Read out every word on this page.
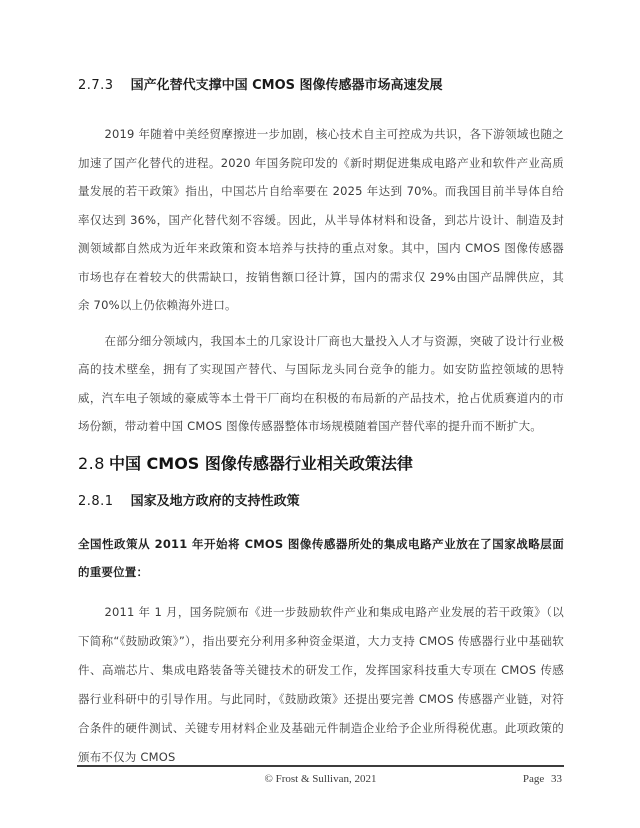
2.7.3 国产化替代支撑中国 CMOS 图像传感器市场高速发展

2019 年随着中美经贸摩擦进一步加剧，核心技术自主可控成为共识，各下游领域也随之加速了国产化替代的进程。2020 年国务院印发的《新时期促进集成电路产业和软件产业高质量发展的若干政策》指出，中国芯片自给率要在 2025 年达到 70%。而我国目前半导体自给率仅达到 36%，国产化替代刻不容缓。因此，从半导体材料和设备，到芯片设计、制造及封测领域都自然成为近年来政策和资本培养与扶持的重点对象。其中，国内 CMOS 图像传感器市场也存在着较大的供需缺口，按销售额口径计算，国内的需求仅 29%由国产品牌供应，其余 70%以上仍依赖海外进口。

在部分细分领域内，我国本土的几家设计厂商也大量投入人才与资源，突破了设计行业极高的技术壁垒，拥有了实现国产替代、与国际龙头同台竞争的能力。如安防监控领域的思特威，汽车电子领域的豪威等本土骨干厂商均在积极的布局新的产品技术，抢占优质赛道内的市场份额，带动着中国 CMOS 图像传感器整体市场规模随着国产替代率的提升而不断扩大。

2.8 中国 CMOS 图像传感器行业相关政策法律
2.8.1 国家及地方政府的支持性政策

全国性政策从 2011 年开始将 CMOS 图像传感器所处的集成电路产业放在了国家战略层面的重要位置：

2011 年 1 月，国务院颁布《进一步鼓励软件产业和集成电路产业发展的若干政策》（以下简称“《鼓励政策》”），指出要充分利用多种资金渠道，大力支持 CMOS 传感器行业中基础软件、高端芯片、集成电路装备等关键技术的研发工作，发挥国家科技重大专项在 CMOS 传感器行业科研中的引导作用。与此同时，《鼓励政策》还提出要完善 CMOS 传感器产业链，对符合条件的硬件测试、关键专用材料企业及基础元件制造企业给予企业所得税优惠。此项政策的颁布不仅为 CMOS

© Frost & Sullivan, 2021	Page 33
